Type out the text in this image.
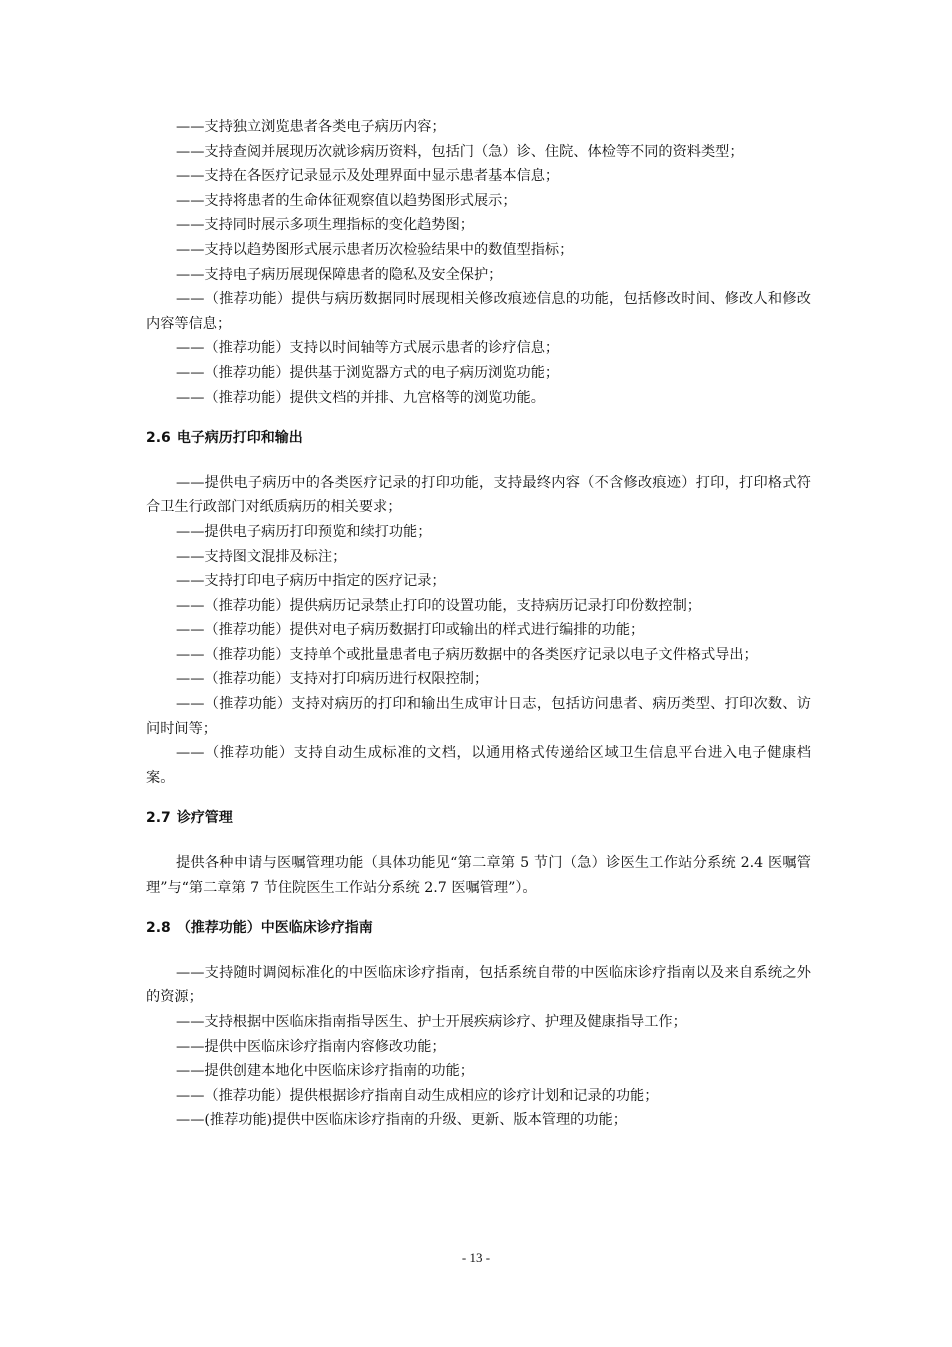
——支持独立浏览患者各类电子病历内容；

——支持查阅并展现历次就诊病历资料，包括门（急）诊、住院、体检等不同的资料类型；

——支持在各医疗记录显示及处理界面中显示患者基本信息；

——支持将患者的生命体征观察值以趋势图形式展示；

——支持同时展示多项生理指标的变化趋势图；

——支持以趋势图形式展示患者历次检验结果中的数值型指标；

——支持电子病历展现保障患者的隐私及安全保护；

——（推荐功能）提供与病历数据同时展现相关修改痕迹信息的功能，包括修改时间、修改人和修改内容等信息；

——（推荐功能）支持以时间轴等方式展示患者的诊疗信息；

——（推荐功能）提供基于浏览器方式的电子病历浏览功能；

——（推荐功能）提供文档的并排、九宫格等的浏览功能。

2.6 电子病历打印和输出

——提供电子病历中的各类医疗记录的打印功能，支持最终内容（不含修改痕迹）打印，打印格式符合卫生行政部门对纸质病历的相关要求；

——提供电子病历打印预览和续打功能；

——支持图文混排及标注；

——支持打印电子病历中指定的医疗记录；

——（推荐功能）提供病历记录禁止打印的设置功能，支持病历记录打印份数控制；

——（推荐功能）提供对电子病历数据打印或输出的样式进行编排的功能；

——（推荐功能）支持单个或批量患者电子病历数据中的各类医疗记录以电子文件格式导出；

——（推荐功能）支持对打印病历进行权限控制；

——（推荐功能）支持对病历的打印和输出生成审计日志，包括访问患者、病历类型、打印次数、访问时间等；

——（推荐功能）支持自动生成标准的文档，以通用格式传递给区域卫生信息平台进入电子健康档案。

2.7 诊疗管理

提供各种申请与医嘱管理功能（具体功能见“第二章第 5 节门（急）诊医生工作站分系统 2.4 医嘱管理”与“第二章第 7 节住院医生工作站分系统 2.7 医嘱管理”）。

2.8 （推荐功能）中医临床诊疗指南

——支持随时调阅标准化的中医临床诊疗指南，包括系统自带的中医临床诊疗指南以及来自系统之外的资源；

——支持根据中医临床指南指导医生、护士开展疾病诊疗、护理及健康指导工作；

——提供中医临床诊疗指南内容修改功能；

——提供创建本地化中医临床诊疗指南的功能；

——（推荐功能）提供根据诊疗指南自动生成相应的诊疗计划和记录的功能；

——(推荐功能)提供中医临床诊疗指南的升级、更新、版本管理的功能；

- 13 -
